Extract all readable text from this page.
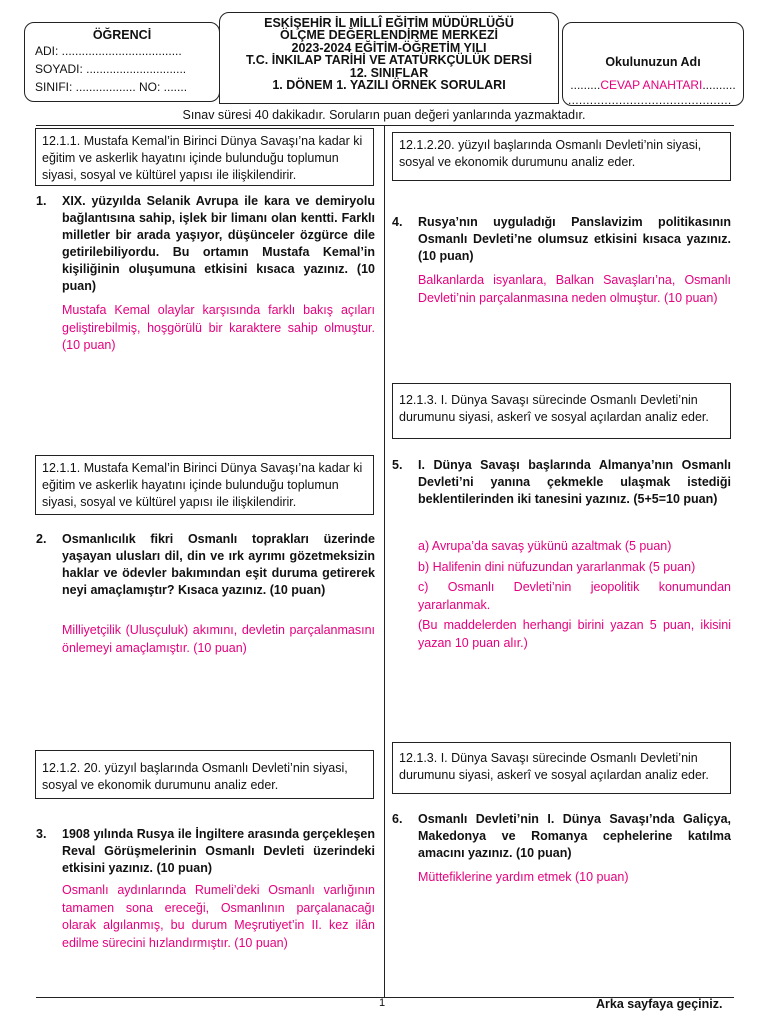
ÖĞRENCİ
ADI: ....................................
SOYADI: ..............................
SINIFI: .................. NO: .......
ESKİŞEHİR İL MİLLÎ EĞİTİM MÜDÜRLÜĞÜ
ÖLÇME DEĞERLENDİRME MERKEZİ
2023-2024 EĞİTİM-ÖĞRETİM YILI
T.C. İNKILAP TARİHİ VE ATATÜRKÇÜLÜK DERSİ
12. SINIFLAR
1. DÖNEM 1. YAZILI ÖRNEK SORULARI
Okulunuzun Adı
.........CEVAP ANAHTARI..........
.............................................
Sınav süresi 40 dakikadır. Soruların puan değeri yanlarında yazmaktadır.
12.1.1. Mustafa Kemal’in Birinci Dünya Savaşı’na kadar ki eğitim ve askerlik hayatını içinde bulunduğu toplumun siyasi, sosyal ve kültürel yapısı ile ilişkilendirir.
1. XIX. yüzyılda Selanik Avrupa ile kara ve demiryolu bağlantısına sahip, işlek bir limanı olan kentti. Farklı milletler bir arada yaşıyor, düşünceler özgürce dile getirilebiliyordu. Bu ortamın Mustafa Kemal’in kişiliğinin oluşumuna etkisini kısaca yazınız. (10 puan)
Mustafa Kemal olaylar karşısında farklı bakış açıları geliştirebilmiş, hoşgörülü bir karaktere sahip olmuştur. (10 puan)
12.1.1. Mustafa Kemal’in Birinci Dünya Savaşı’na kadar ki eğitim ve askerlik hayatını içinde bulunduğu toplumun siyasi, sosyal ve kültürel yapısı ile ilişkilendirir.
2. Osmanlıcılık fikri Osmanlı toprakları üzerinde yaşayan ulusları dil, din ve ırk ayrımı gözetmeksizin haklar ve ödevler bakımından eşit duruma getirerek neyi amaçlamıştır? Kısaca yazınız. (10 puan)
Milliyetçilik (Ulusçuluk) akımını, devletin parçalanmasını önlemeyi amaçlamıştır. (10 puan)
12.1.2. 20. yüzyıl başlarında Osmanlı Devleti’nin siyasi, sosyal ve ekonomik durumunu analiz eder.
3. 1908 yılında Rusya ile İngiltere arasında gerçekleşen Reval Görüşmelerinin Osmanlı Devleti üzerindeki etkisini yazınız. (10 puan)
Osmanlı aydınlarında Rumeli’deki Osmanlı varlığının tamamen sona ereceği, Osmanlının parçalanacağı olarak algılanmış, bu durum Meşrutiyet’in II. kez ilân edilme sürecini hızlandırmıştır. (10 puan)
12.1.2.20. yüzyıl başlarında Osmanlı Devleti’nin siyasi, sosyal ve ekonomik durumunu analiz eder.
4. Rusya’nın uyguladığı Panslavizim politikasının Osmanlı Devleti’ne olumsuz etkisini kısaca yazınız. (10 puan)
Balkanlarda isyanlara, Balkan Savaşları’na, Osmanlı Devleti’nin parçalanmasına neden olmuştur. (10 puan)
12.1.3. I. Dünya Savaşı sürecinde Osmanlı Devleti’nin durumunu siyasi, askerî ve sosyal açılardan analiz eder.
5. I. Dünya Savaşı başlarında Almanya’nın Osmanlı Devleti’ni yanına çekmekle ulaşmak istediği beklentilerinden iki tanesini yazınız. (5+5=10 puan)

a) Avrupa’da savaş yükünü azaltmak (5 puan)

b) Halifenin dini nüfuzundan yararlanmak (5 puan)

c) Osmanlı Devleti’nin jeopolitik konumundan yararlanmak.

(Bu maddelerden herhangi birini yazan 5 puan, ikisini yazan 10 puan alır.)

12.1.3. I. Dünya Savaşı sürecinde Osmanlı Devleti’nin durumunu siyasi, askerî ve sosyal açılardan analiz eder.
6. Osmanlı Devleti’nin I. Dünya Savaşı’nda Galiçya, Makedonya ve Romanya cephelerine katılma amacını yazınız. (10 puan)
Müttefiklerine yardım etmek (10 puan)
1	Arka sayfaya geçiniz.
